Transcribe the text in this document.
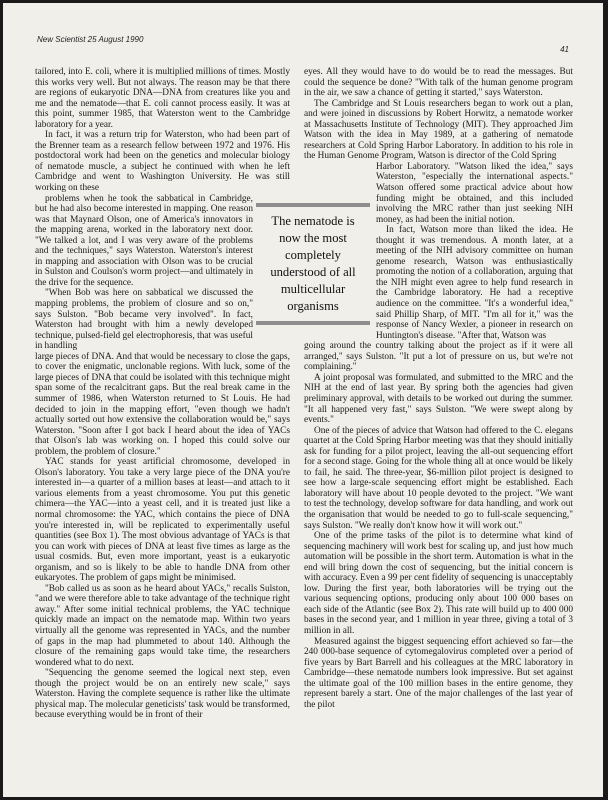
New Scientist 25 August 1990
41

tailored, into E. coli, where it is multiplied millions of times. Mostly this works very well. But not always. The reason may be that there are regions of eukaryotic DNA—DNA from creatures like you and me and the nematode—that E. coli cannot process easily. It was at this point, summer 1985, that Waterston went to the Cambridge laboratory for a year.

In fact, it was a return trip for Waterston, who had been part of the Brenner team as a research fellow between 1972 and 1976. His postdoctoral work had been on the genetics and molecular biology of nematode muscle, a subject he continued with when he left Cambridge and went to Washington University. He was still working on these

problems when he took the sabbatical in Cambridge, but he had also become interested in mapping. One reason was that Maynard Olson, one of America's innovators in the mapping arena, worked in the laboratory next door. "We talked a lot, and I was very aware of the problems and the techniques," says Waterston. Waterston's interest in mapping and association with Olson was to be crucial in Sulston and Coulson's worm project—and ultimately in the drive for the sequence.

"When Bob was here on sabbatical we discussed the mapping problems, the problem of closure and so on," says Sulston. "Bob became very involved". In fact, Waterston had brought with him a newly developed technique, pulsed-field gel electrophoresis, that was useful in handling

large pieces of DNA. And that would be necessary to close the gaps, to cover the enigmatic, unclonable regions. With luck, some of the large pieces of DNA that could be isolated with this technique might span some of the recalcitrant gaps. But the real break came in the summer of 1986, when Waterston returned to St Louis. He had decided to join in the mapping effort, "even though we hadn't actually sorted out how extensive the collaboration would be," says Waterston. "Soon after I got back I heard about the idea of YACs that Olson's lab was working on. I hoped this could solve our problem, the problem of closure."

YAC stands for yeast artificial chromosome, developed in Olson's laboratory. You take a very large piece of the DNA you're interested in—a quarter of a million bases at least—and attach to it various elements from a yeast chromosome. You put this genetic chimera—the YAC—into a yeast cell, and it is treated just like a normal chromosome: the YAC, which contains the piece of DNA you're interested in, will be replicated to experimentally useful quantities (see Box 1). The most obvious advantage of YACs is that you can work with pieces of DNA at least five times as large as the usual cosmids. But, even more important, yeast is a eukaryotic organism, and so is likely to be able to handle DNA from other eukaryotes. The problem of gaps might be minimised.

"Bob called us as soon as he heard about YACs," recalls Sulston, "and we were therefore able to take advantage of the technique right away." After some initial technical problems, the YAC technique quickly made an impact on the nematode map. Within two years virtually all the genome was represented in YACs, and the number of gaps in the map had plummeted to about 140. Although the closure of the remaining gaps would take time, the researchers wondered what to do next.

"Sequencing the genome seemed the logical next step, even though the project would be on an entirely new scale," says Waterston. Having the complete sequence is rather like the ultimate physical map. The molecular geneticists' task would be transformed, because everything would be in front of their

eyes. All they would have to do would be to read the messages. But could the sequence be done? "With talk of the human genome program in the air, we saw a chance of getting it started," says Waterston.

The Cambridge and St Louis researchers began to work out a plan, and were joined in discussions by Robert Horwitz, a nematode worker at Massachusetts Institute of Technology (MIT). They approached Jim Watson with the idea in May 1989, at a gathering of nematode researchers at Cold Spring Harbor Laboratory. In addition to his role in the Human Genome Program, Watson is director of the Cold Spring

Harbor Laboratory. "Watson liked the idea," says Waterston, "especially the international aspects." Watson offered some practical advice about how funding might be obtained, and this included involving the MRC rather than just seeking NIH money, as had been the initial notion.

In fact, Watson more than liked the idea. He thought it was tremendous. A month later, at a meeting of the NIH advisory committee on human genome research, Watson was enthusiastically promoting the notion of a collaboration, arguing that the NIH might even agree to help fund research in the Cambridge laboratory. He had a receptive audience on the committee. "It's a wonderful idea," said Phillip Sharp, of MIT. "I'm all for it," was the response of Nancy Wexler, a pioneer in research on Huntington's disease. "After that, Watson was

going around the country talking about the project as if it were all arranged," says Sulston. "It put a lot of pressure on us, but we're not complaining."

A joint proposal was formulated, and submitted to the MRC and the NIH at the end of last year. By spring both the agencies had given preliminary approval, with details to be worked out during the summer. "It all happened very fast," says Sulston. "We were swept along by events."

One of the pieces of advice that Watson had offered to the C. elegans quartet at the Cold Spring Harbor meeting was that they should initially ask for funding for a pilot project, leaving the all-out sequencing effort for a second stage. Going for the whole thing all at once would be likely to fail, he said. The three-year, $6-million pilot project is designed to see how a large-scale sequencing effort might be established. Each laboratory will have about 10 people devoted to the project. "We want to test the technology, develop software for data handling, and work out the organisation that would be needed to go to full-scale sequencing," says Sulston. "We really don't know how it will work out."

One of the prime tasks of the pilot is to determine what kind of sequencing machinery will work best for scaling up, and just how much automation will be possible in the short term. Automation is what in the end will bring down the cost of sequencing, but the initial concern is with accuracy. Even a 99 per cent fidelity of sequencing is unacceptably low. During the first year, both laboratories will be trying out the various sequencing options, producing only about 100 000 bases on each side of the Atlantic (see Box 2). This rate will build up to 400 000 bases in the second year, and 1 million in year three, giving a total of 3 million in all.

Measured against the biggest sequencing effort achieved so far—the 240 000-base sequence of cytomegalovirus completed over a period of five years by Bart Barrell and his colleagues at the MRC laboratory in Cambridge—these nematode numbers look impressive. But set against the ultimate goal of the 100 million bases in the entire genome, they represent barely a start. One of the major challenges of the last year of the pilot

The nematode is
now the most
completely
understood of all
multicellular
organisms
